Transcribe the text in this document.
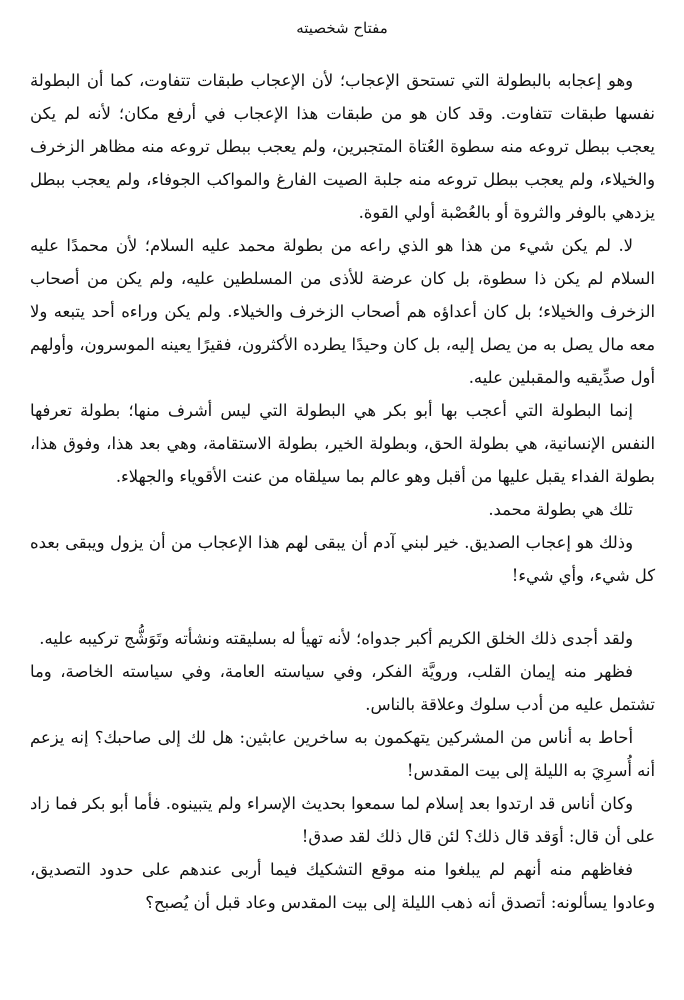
مفتاح شخصيته

وهو إعجابه بالبطولة التي تستحق الإعجاب؛ لأن الإعجاب طبقات تتفاوت، كما أن البطولة نفسها طبقات تتفاوت. وقد كان هو من طبقات هذا الإعجاب في أرفع مكان؛ لأنه لم يكن يعجب ببطل تروعه منه سطوة العُتاة المتجبرين، ولم يعجب ببطل تروعه منه مظاهر الزخرف والخيلاء، ولم يعجب ببطل تروعه منه جلبة الصيت الفارغ والمواكب الجوفاء، ولم يعجب ببطل يزدهي بالوفر والثروة أو بالعُصْبة أولي القوة.

لا. لم يكن شيء من هذا هو الذي راعه من بطولة محمد عليه السلام؛ لأن محمدًا عليه السلام لم يكن ذا سطوة، بل كان عرضة للأذى من المسلطين عليه، ولم يكن من أصحاب الزخرف والخيلاء؛ بل كان أعداؤه هم أصحاب الزخرف والخيلاء. ولم يكن وراءه أحد يتبعه ولا معه مال يصل به من يصل إليه، بل كان وحيدًا يطرده الأكثرون، فقيرًا يعينه الموسرون، وأولهم أول صدِّيقيه والمقبلين عليه.

إنما البطولة التي أعجب بها أبو بكر هي البطولة التي ليس أشرف منها؛ بطولة تعرفها النفس الإنسانية، هي بطولة الحق، وبطولة الخير، بطولة الاستقامة، وهي بعد هذا، وفوق هذا، بطولة الفداء يقبل عليها من أقبل وهو عالم بما سيلقاه من عنت الأقوياء والجهلاء.

تلك هي بطولة محمد.

وذلك هو إعجاب الصديق. خير لبني آدم أن يبقى لهم هذا الإعجاب من أن يزول ويبقى بعده كل شيء، وأي شيء!

ولقد أجدى ذلك الخلق الكريم أكبر جدواه؛ لأنه تهيأ له بسليقته ونشأته وتَوَشُّج تركيبه عليه.

فظهر منه إيمان القلب، ورويَّة الفكر، وفي سياسته العامة، وفي سياسته الخاصة، وما تشتمل عليه من أدب سلوك وعلاقة بالناس.

أحاط به أناس من المشركين يتهكمون به ساخرين عابثين: هل لك إلى صاحبك؟ إنه يزعم أنه أُسرِيَ به الليلة إلى بيت المقدس!

وكان أناس قد ارتدوا بعد إسلام لما سمعوا بحديث الإسراء ولم يتبينوه. فأما أبو بكر فما زاد على أن قال: أوَقد قال ذلك؟ لئن قال ذلك لقد صدق!

فغاظهم منه أنهم لم يبلغوا منه موقع التشكيك فيما أربى عندهم على حدود التصديق، وعادوا يسألونه: أتصدق أنه ذهب الليلة إلى بيت المقدس وعاد قبل أن يُصبح؟
